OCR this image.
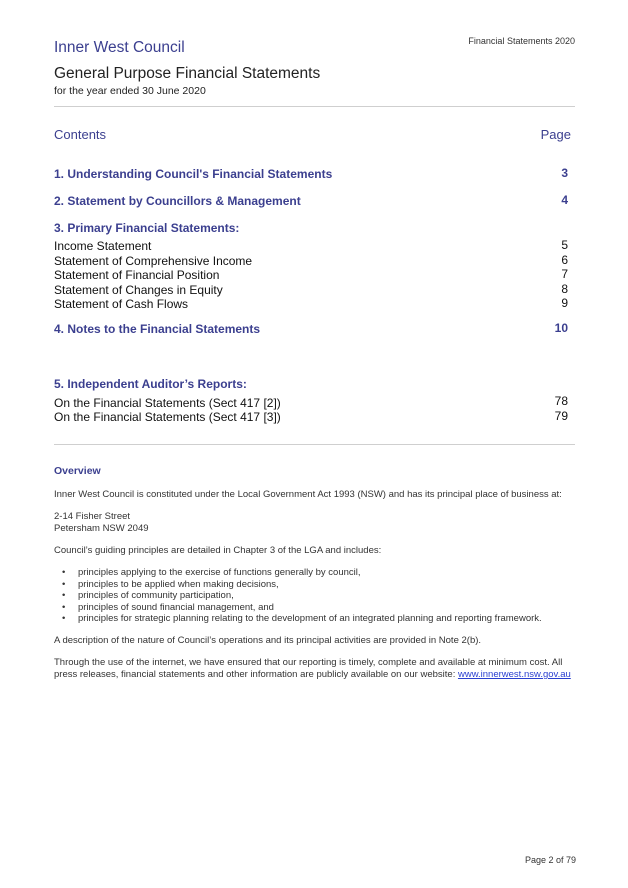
Financial Statements 2020
Inner West Council
General Purpose Financial Statements
for the year ended 30 June 2020
Contents	Page
1. Understanding Council's Financial Statements	3
2. Statement by Councillors & Management	4
3. Primary Financial Statements:
Income Statement	5
Statement of Comprehensive Income	6
Statement of Financial Position	7
Statement of Changes in Equity	8
Statement of Cash Flows	9
4. Notes to the Financial Statements	10
5. Independent Auditor’s Reports:
On the Financial Statements (Sect 417 [2])	78
On the Financial Statements (Sect 417 [3])	79
Overview
Inner West Council is constituted under the Local Government Act 1993 (NSW) and has its principal place of business at:
2-14 Fisher Street
Petersham NSW 2049
Council’s guiding principles are detailed in Chapter 3 of the LGA and includes:
• principles applying to the exercise of functions generally by council,
• principles to be applied when making decisions,
• principles of community participation,
• principles of sound financial management, and
• principles for strategic planning relating to the development of an integrated planning and reporting framework.
A description of the nature of Council’s operations and its principal activities are provided in Note 2(b).
Through the use of the internet, we have ensured that our reporting is timely, complete and available at minimum cost. All press releases, financial statements and other information are publicly available on our website: www.innerwest.nsw.gov.au
Page 2 of 79
